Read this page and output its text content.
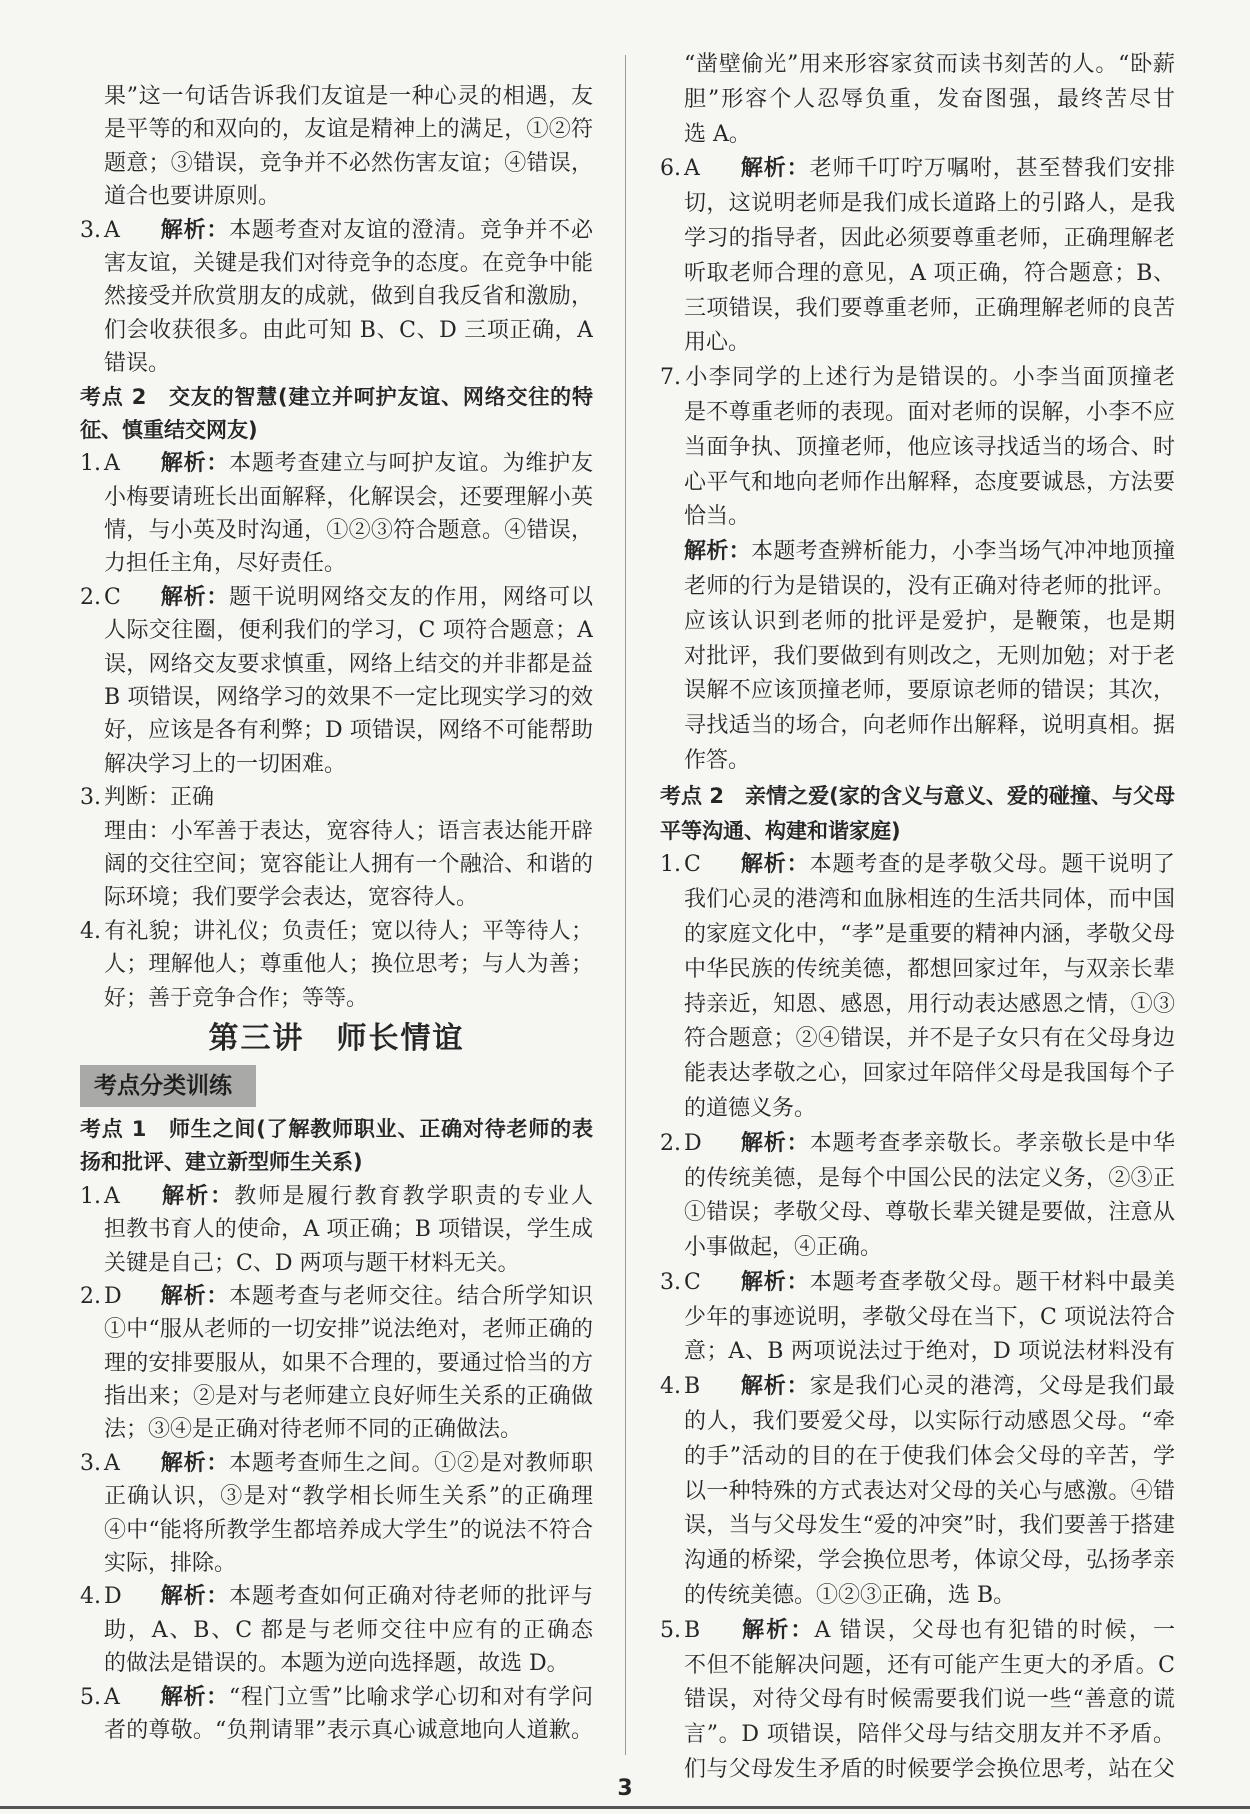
果”这一句话告诉我们友谊是一种心灵的相遇，友
是平等的和双向的，友谊是精神上的满足，①②符
题意；③错误，竞争并不必然伤害友谊；④错误，
道合也要讲原则。
3. A 解析：本题考查对友谊的澄清。竞争并不必
害友谊，关键是我们对待竞争的态度。在竞争中能
然接受并欣赏朋友的成就，做到自我反省和激励，
们会收获很多。由此可知 B、C、D 三项正确，A
错误。
考点 2　交友的智慧(建立并呵护友谊、网络交往的特
征、慎重结交网友)
1. A 解析：本题考查建立与呵护友谊。为维护友
小梅要请班长出面解释，化解误会，还要理解小英
情，与小英及时沟通，①②③符合题意。④错误，
力担任主角，尽好责任。
2. C 解析：题干说明网络交友的作用，网络可以
人际交往圈，便利我们的学习，C 项符合题意；A
误，网络交友要求慎重，网络上结交的并非都是益
B 项错误，网络学习的效果不一定比现实学习的效
好，应该是各有利弊；D 项错误，网络不可能帮助
解决学习上的一切困难。
3. 判断：正确
理由：小军善于表达，宽容待人；语言表达能开辟
阔的交往空间；宽容能让人拥有一个融洽、和谐的
际环境；我们要学会表达，宽容待人。
4. 有礼貌；讲礼仪；负责任；宽以待人；平等待人；
人；理解他人；尊重他人；换位思考；与人为善；
好；善于竞争合作；等等。
第三讲　师长情谊
考点分类训练
考点 1　师生之间(了解教师职业、正确对待老师的表
扬和批评、建立新型师生关系)
1. A 解析：教师是履行教育教学职责的专业人
担教书育人的使命，A 项正确；B 项错误，学生成
关键是自己；C、D 两项与题干材料无关。
2. D 解析：本题考查与老师交往。结合所学知识
①中“服从老师的一切安排”说法绝对，老师正确的
理的安排要服从，如果不合理的，要通过恰当的方
指出来；②是对与老师建立良好师生关系的正确做
法；③④是正确对待老师不同的正确做法。
3. A 解析：本题考查师生之间。①②是对教师职
正确认识，③是对“教学相长师生关系”的正确理
④中“能将所教学生都培养成大学生”的说法不符合
实际，排除。
4. D 解析：本题考查如何正确对待老师的批评与
助，A、B、C 都是与老师交往中应有的正确态
的做法是错误的。本题为逆向选择题，故选 D。
5. A 解析：“程门立雪”比喻求学心切和对有学问
者的尊敬。“负荆请罪”表示真心诚意地向人道歉。
“凿壁偷光”用来形容家贫而读书刻苦的人。“卧薪
胆”形容个人忍辱负重，发奋图强，最终苦尽甘
选 A。
6. A 解析：老师千叮咛万嘱咐，甚至替我们安排
切，这说明老师是我们成长道路上的引路人，是我
学习的指导者，因此必须要尊重老师，正确理解老
听取老师合理的意见，A 项正确，符合题意；B、
三项错误，我们要尊重老师，正确理解老师的良苦
用心。
7. 小李同学的上述行为是错误的。小李当面顶撞老
是不尊重老师的表现。面对老师的误解，小李不应
当面争执、顶撞老师，他应该寻找适当的场合、时
心平气和地向老师作出解释，态度要诚恳，方法要
恰当。
解析：本题考查辨析能力，小李当场气冲冲地顶撞
老师的行为是错误的，没有正确对待老师的批评。
应该认识到老师的批评是爱护，是鞭策，也是期
对批评，我们要做到有则改之，无则加勉；对于老
误解不应该顶撞老师，要原谅老师的错误；其次，
寻找适当的场合，向老师作出解释，说明真相。据
作答。
考点 2　亲情之爱(家的含义与意义、爱的碰撞、与父母
平等沟通、构建和谐家庭)
1. C 解析：本题考查的是孝敬父母。题干说明了
我们心灵的港湾和血脉相连的生活共同体，而中国
的家庭文化中，“孝”是重要的精神内涵，孝敬父母
中华民族的传统美德，都想回家过年，与双亲长辈
持亲近，知恩、感恩，用行动表达感恩之情，①③
符合题意；②④错误，并不是子女只有在父母身边
能表达孝敬之心，回家过年陪伴父母是我国每个子
的道德义务。
2. D 解析：本题考查孝亲敬长。孝亲敬长是中华
的传统美德，是每个中国公民的法定义务，②③正
①错误；孝敬父母、尊敬长辈关键是要做，注意从
小事做起，④正确。
3. C 解析：本题考查孝敬父母。题干材料中最美
少年的事迹说明，孝敬父母在当下，C 项说法符合
意；A、B 两项说法过于绝对，D 项说法材料没有
4. B 解析：家是我们心灵的港湾，父母是我们最
的人，我们要爱父母，以实际行动感恩父母。“牵
的手”活动的目的在于使我们体会父母的辛苦，学
以一种特殊的方式表达对父母的关心与感激。④错
误，当与父母发生“爱的冲突”时，我们要善于搭建
沟通的桥梁，学会换位思考，体谅父母，弘扬孝亲
的传统美德。①②③正确，选 B。
5. B 解析：A 错误，父母也有犯错的时候，一
不但不能解决问题，还有可能产生更大的矛盾。C
错误，对待父母有时候需要我们说一些“善意的谎
言”。D 项错误，陪伴父母与结交朋友并不矛盾。
们与父母发生矛盾的时候要学会换位思考，站在父
3
